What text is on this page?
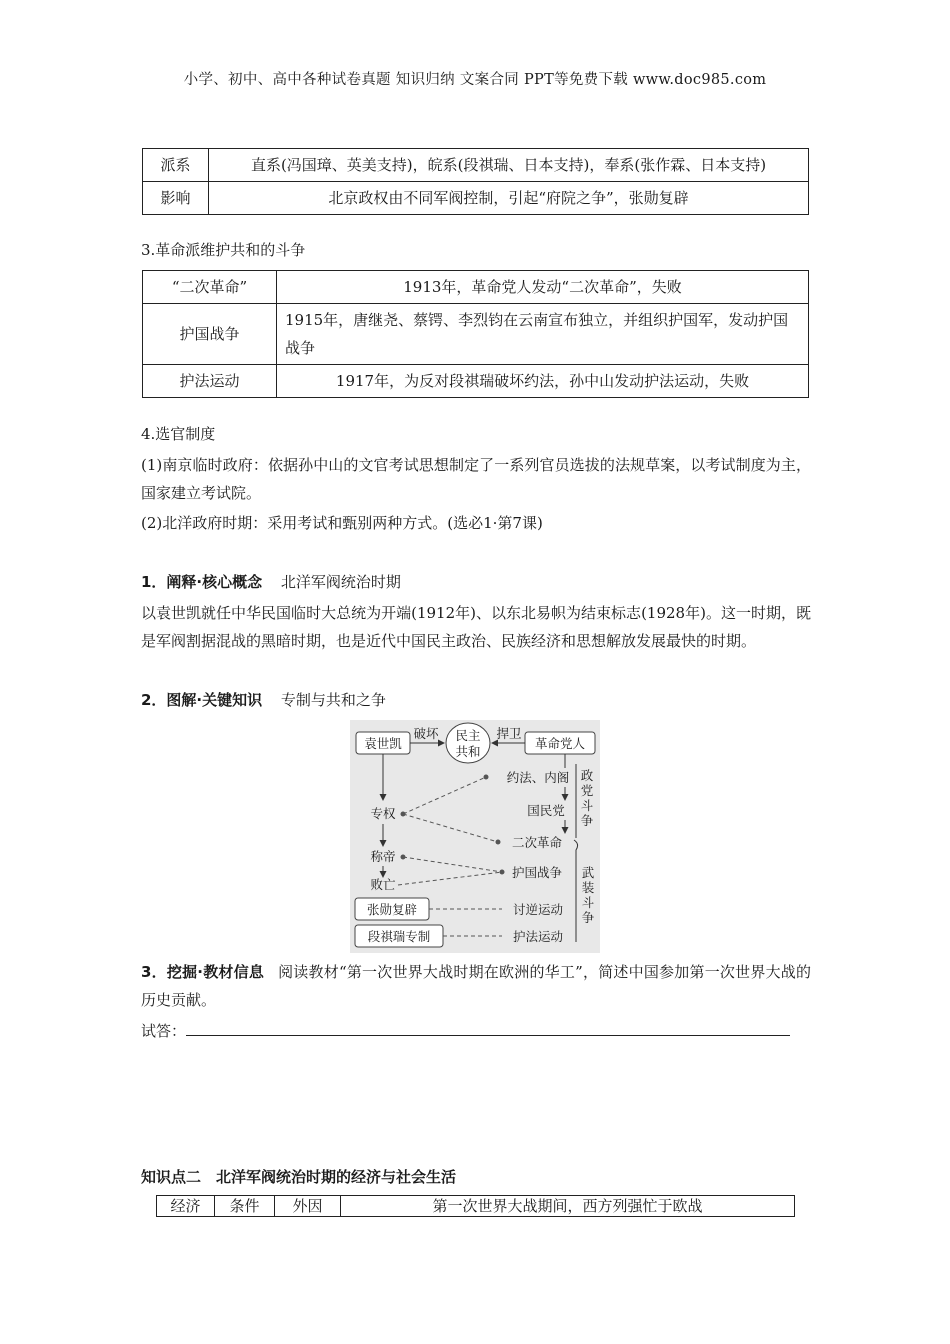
小学、初中、高中各种试卷真题 知识归纳 文案合同 PPT等免费下载 www.doc985.com
派系	直系(冯国璋、英美支持)，皖系(段祺瑞、日本支持)，奉系(张作霖、日本支持)
影响	北京政权由不同军阀控制，引起“府院之争”，张勋复辟
3.革命派维护共和的斗争
“二次革命”	1913年，革命党人发动“二次革命”，失败
护国战争	1915年，唐继尧、蔡锷、李烈钧在云南宣布独立，并组织护国军，发动护国战争
护法运动	1917年，为反对段祺瑞破坏约法，孙中山发动护法运动，失败
4.选官制度
(1)南京临时政府：依据孙中山的文官考试思想制定了一系列官员选拔的法规草案，以考试制度为主，国家建立考试院。
(2)北洋政府时期：采用考试和甄别两种方式。(选必1·第7课)
1．阐释·核心概念 北洋军阀统治时期
以袁世凯就任中华民国临时大总统为开端(1912年)、以东北易帜为结束标志(1928年)。这一时期，既是军阀割据混战的黑暗时期，也是近代中国民主政治、民族经济和思想解放发展最快的时期。
2．图解·关键知识 专制与共和之争
袁世凯
民主
共和
革命党人
破坏	捍卫
专权
称帝
败亡
约法、内阁
国民党
二次革命
护国战争
政
党
斗
争
武
装
斗
争
张勋复辟	讨逆运动
段祺瑞专制	护法运动
3．挖掘·教材信息 阅读教材“第一次世界大战时期在欧洲的华工”，简述中国参加第一次世界大战的历史贡献。
试答：
知识点二　北洋军阀统治时期的经济与社会生活
经济	条件	外因	第一次世界大战期间，西方列强忙于欧战
